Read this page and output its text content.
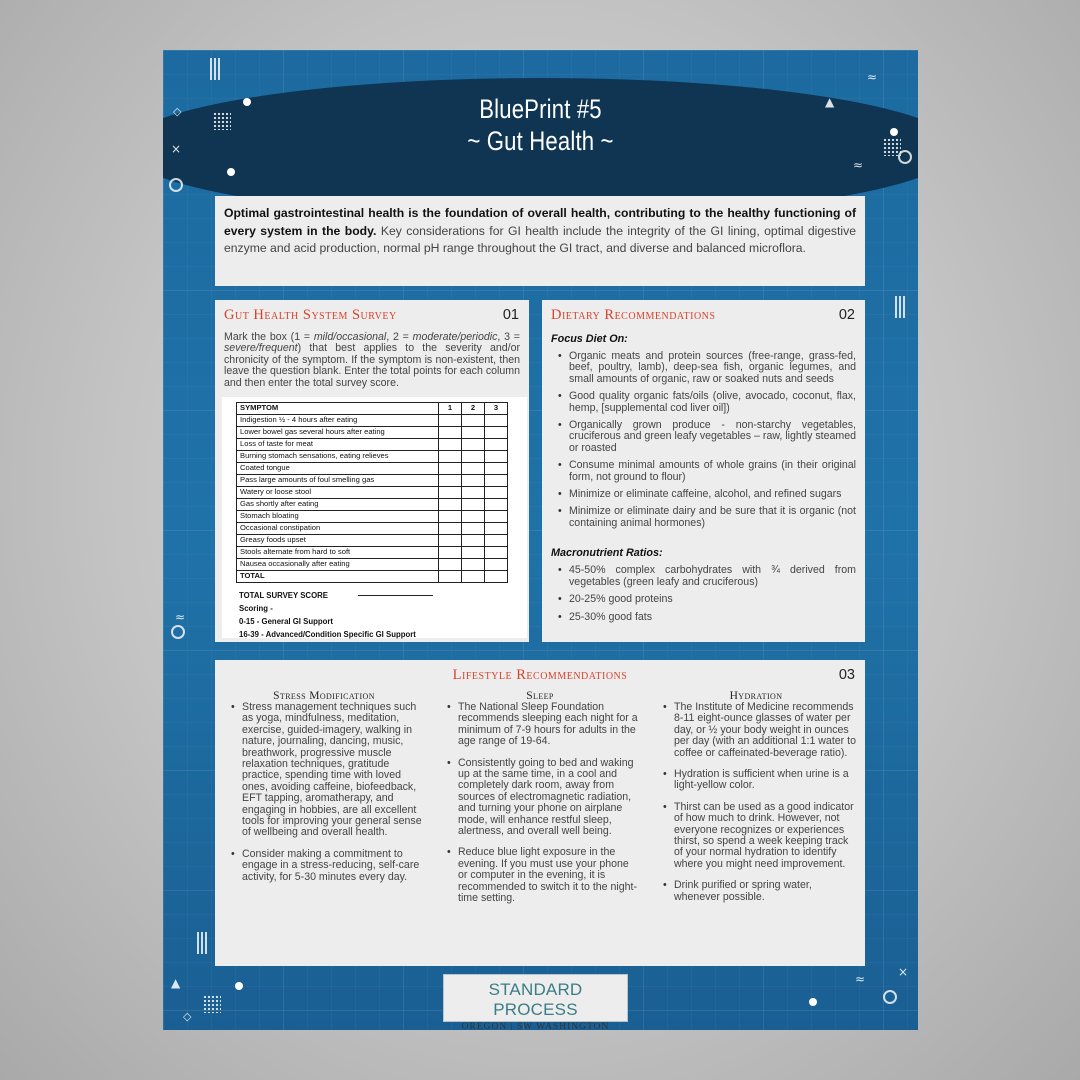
BluePrint #5
~ Gut Health ~
◇
×
▲
≈
≈
≈
▲
◇
≈	×
Optimal gastrointestinal health is the foundation of overall health, contributing to the healthy functioning of every system in the body. Key considerations for GI health include the integrity of the GI lining, optimal digestive enzyme and acid production, normal pH range throughout the GI tract, and diverse and balanced microflora.
Gut Health System Survey	01
Mark the box (1 = mild/occasional, 2 = moderate/periodic, 3 = severe/frequent) that best applies to the severity and/or chronicity of the symptom. If the symptom is non-existent, then leave the question blank. Enter the total points for each column and then enter the total survey score.
SYMPTOM	1	2	3
Indigestion ½ - 4 hours after eating			
Lower bowel gas several hours after eating			
Loss of taste for meat			
Burning stomach sensations, eating relieves			
Coated tongue			
Pass large amounts of foul smelling gas			
Watery or loose stool			
Gas shortly after eating			
Stomach bloating			
Occasional constipation			
Greasy foods upset			
Stools alternate from hard to soft			
Nausea occasionally after eating			
TOTAL			
TOTAL SURVEY SCORE
Scoring -
0-15 - General GI Support
16-39 - Advanced/Condition Specific GI Support
Dietary Recommendations	02
Focus Diet On:
• Organic meats and protein sources (free-range, grass-fed, beef, poultry, lamb), deep-sea fish, organic legumes, and small amounts of organic, raw or soaked nuts and seeds
• Good quality organic fats/oils (olive, avocado, coconut, flax, hemp, [supplemental cod liver oil])
• Organically grown produce - non-starchy vegetables, cruciferous and green leafy vegetables – raw, lightly steamed or roasted
• Consume minimal amounts of whole grains (in their original form, not ground to flour)
• Minimize or eliminate caffeine, alcohol, and refined sugars
• Minimize or eliminate dairy and be sure that it is organic (not containing animal hormones)
Macronutrient Ratios:
• 45-50% complex carbohydrates with ¾ derived from vegetables (green leafy and cruciferous)
• 20-25% good proteins
• 25-30% good fats
Lifestyle Recommendations	03
Stress Modification
• Stress management techniques such as yoga, mindfulness, meditation, exercise, guided-imagery, walking in nature, journaling, dancing, music, breathwork, progressive muscle relaxation techniques, gratitude practice, spending time with loved ones, avoiding caffeine, biofeedback, EFT tapping, aromatherapy, and engaging in hobbies, are all excellent tools for improving your general sense of wellbeing and overall health.
• Consider making a commitment to engage in a stress-reducing, self-care activity, for 5-30 minutes every day.
Sleep
• The National Sleep Foundation recommends sleeping each night for a minimum of 7-9 hours for adults in the age range of 19-64.
• Consistently going to bed and waking up at the same time, in a cool and completely dark room, away from sources of electromagnetic radiation, and turning your phone on airplane mode, will enhance restful sleep, alertness, and overall well being.
• Reduce blue light exposure in the evening. If you must use your phone or computer in the evening, it is recommended to switch it to the night-time setting.
Hydration
• The Institute of Medicine recommends 8-11 eight-ounce glasses of water per day, or ½ your body weight in ounces per day (with an additional 1:1 water to coffee or caffeinated-beverage ratio).
• Hydration is sufficient when urine is a light-yellow color.
• Thirst can be used as a good indicator of how much to drink. However, not everyone recognizes or experiences thirst, so spend a week keeping track of your normal hydration to identify where you might need improvement.
• Drink purified or spring water, whenever possible.
STANDARD PROCESS
OREGON | SW WASHINGTON
